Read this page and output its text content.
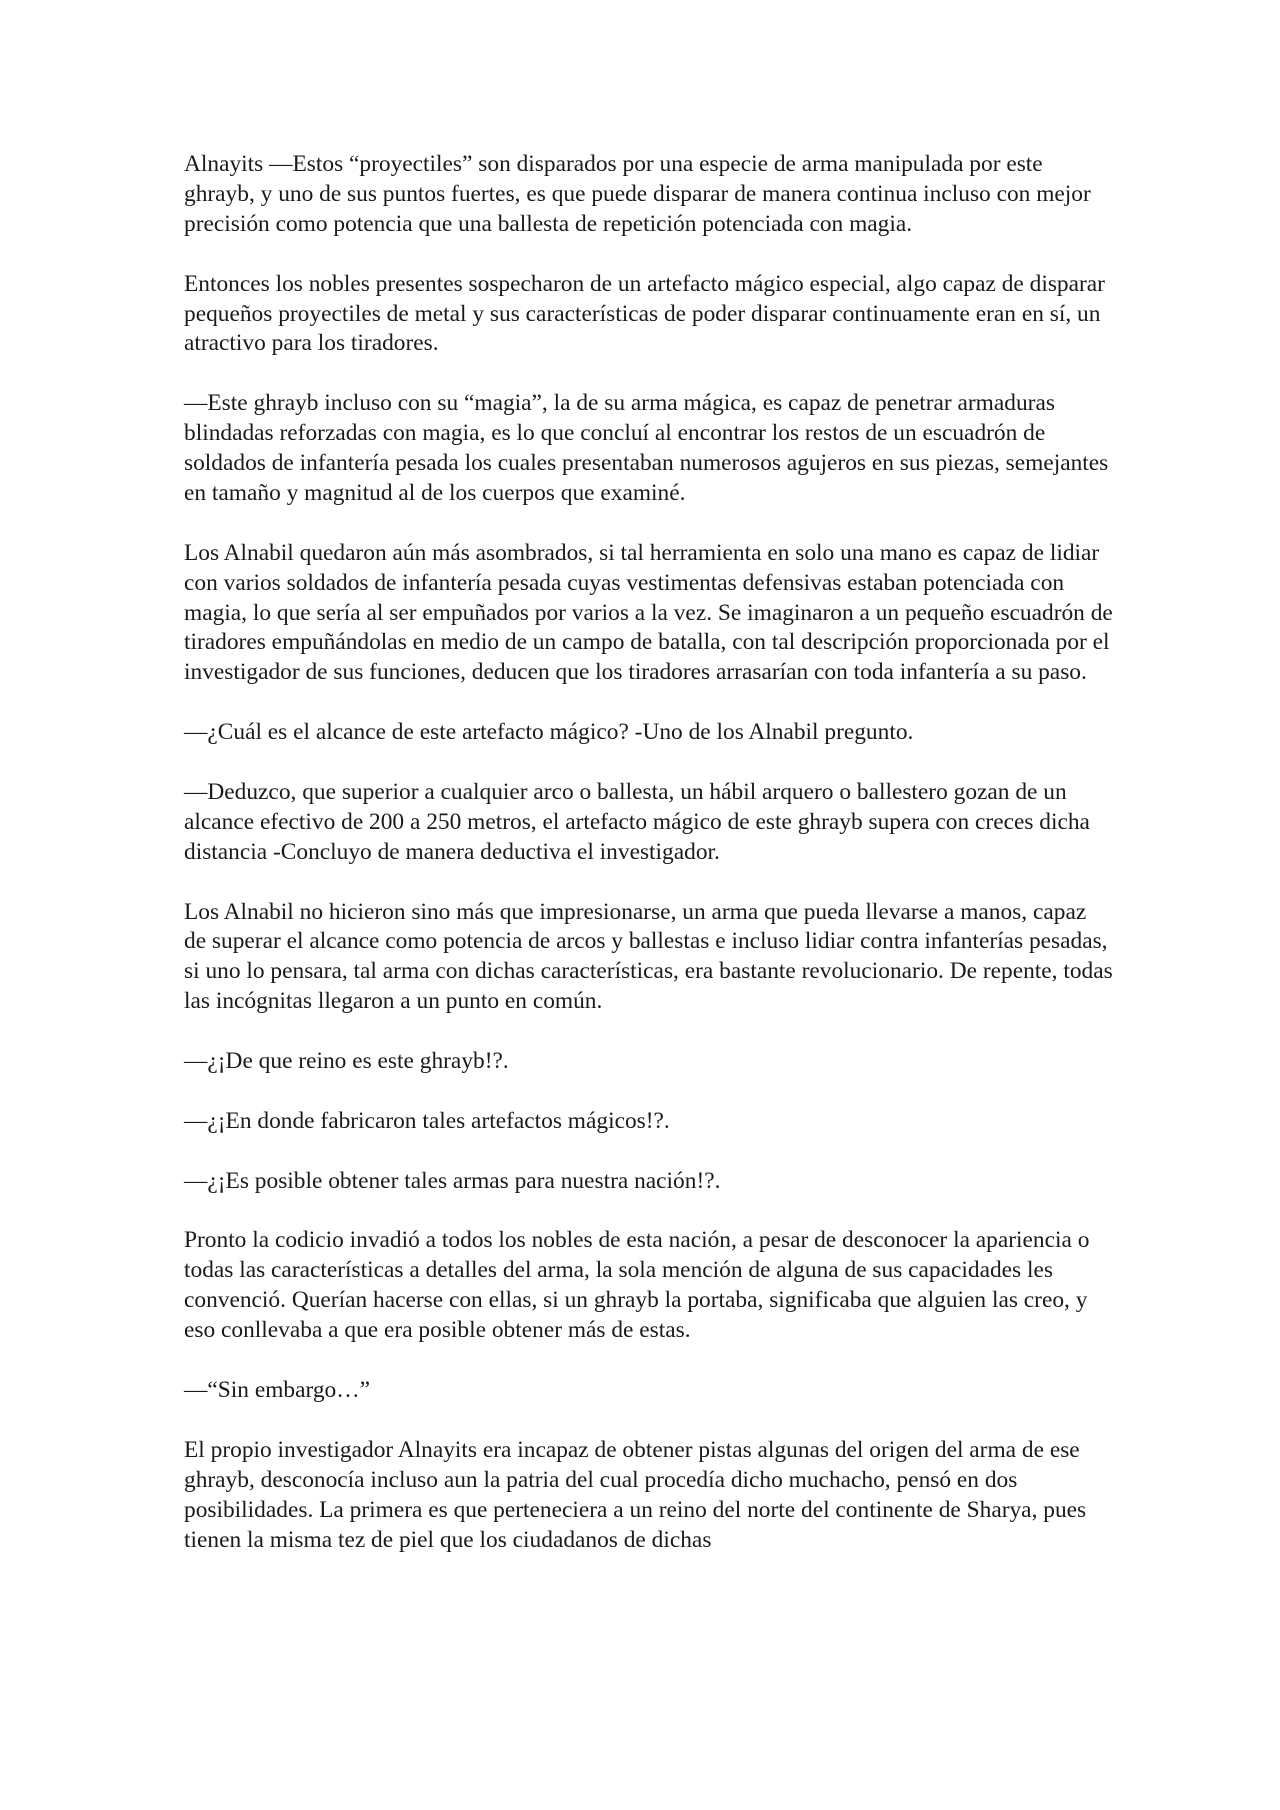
Alnayits —Estos “proyectiles” son disparados por una especie de arma manipulada por este ghrayb, y uno de sus puntos fuertes, es que puede disparar de manera continua incluso con mejor precisión como potencia que una ballesta de repetición potenciada con magia.

Entonces los nobles presentes sospecharon de un artefacto mágico especial, algo capaz de disparar pequeños proyectiles de metal y sus características de poder disparar continuamente eran en sí, un atractivo para los tiradores.

—Este ghrayb incluso con su “magia”, la de su arma mágica, es capaz de penetrar armaduras blindadas reforzadas con magia, es lo que concluí al encontrar los restos de un escuadrón de soldados de infantería pesada los cuales presentaban numerosos agujeros en sus piezas, semejantes en tamaño y magnitud al de los cuerpos que examiné.

Los Alnabil quedaron aún más asombrados, si tal herramienta en solo una mano es capaz de lidiar con varios soldados de infantería pesada cuyas vestimentas defensivas estaban potenciada con magia, lo que sería al ser empuñados por varios a la vez. Se imaginaron a un pequeño escuadrón de tiradores empuñándolas en medio de un campo de batalla, con tal descripción proporcionada por el investigador de sus funciones, deducen que los tiradores arrasarían con toda infantería a su paso.

—¿Cuál es el alcance de este artefacto mágico? -Uno de los Alnabil pregunto.

—Deduzco, que superior a cualquier arco o ballesta, un hábil arquero o ballestero gozan de un alcance efectivo de 200 a 250 metros, el artefacto mágico de este ghrayb supera con creces dicha distancia -Concluyo de manera deductiva el investigador.

Los Alnabil no hicieron sino más que impresionarse, un arma que pueda llevarse a manos, capaz de superar el alcance como potencia de arcos y ballestas e incluso lidiar contra infanterías pesadas, si uno lo pensara, tal arma con dichas características, era bastante revolucionario. De repente, todas las incógnitas llegaron a un punto en común.

—¿¡De que reino es este ghrayb!?.

—¿¡En donde fabricaron tales artefactos mágicos!?.

—¿¡Es posible obtener tales armas para nuestra nación!?.

Pronto la codicio invadió a todos los nobles de esta nación, a pesar de desconocer la apariencia o todas las características a detalles del arma, la sola mención de alguna de sus capacidades les convenció. Querían hacerse con ellas, si un ghrayb la portaba, significaba que alguien las creo, y eso conllevaba a que era posible obtener más de estas.

—“Sin embargo…”

El propio investigador Alnayits era incapaz de obtener pistas algunas del origen del arma de ese ghrayb, desconocía incluso aun la patria del cual procedía dicho muchacho, pensó en dos posibilidades. La primera es que perteneciera a un reino del norte del continente de Sharya, pues tienen la misma tez de piel que los ciudadanos de dichas
